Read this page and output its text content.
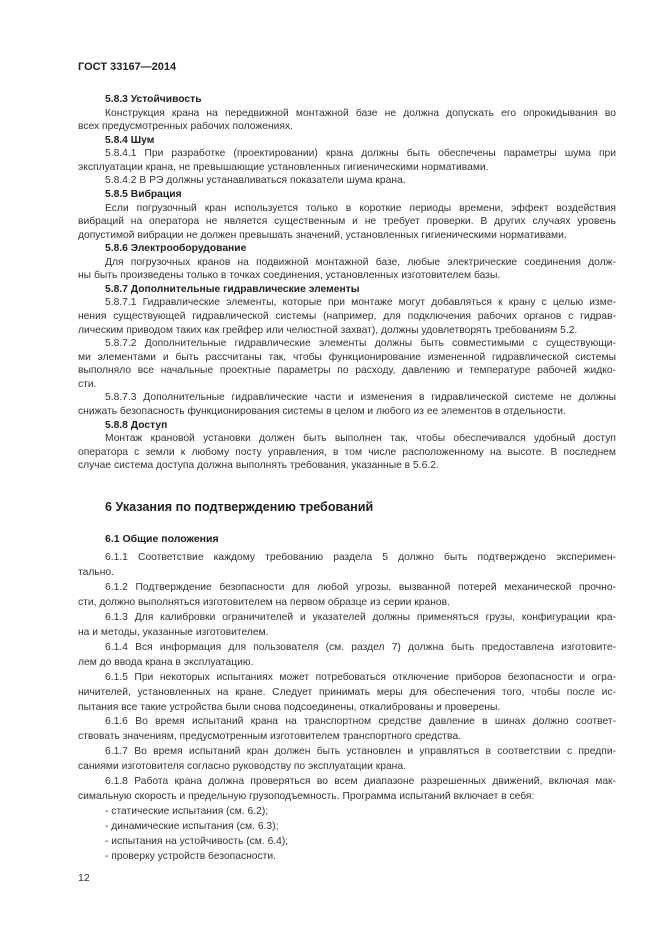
ГОСТ 33167—2014
5.8.3 Устойчивость
Конструкция крана на передвижной монтажной базе не должна допускать его опрокидывания во
всех предусмотренных рабочих положениях.
5.8.4 Шум
5.8.4.1 При разработке (проектировании) крана должны быть обеспечены параметры шума при
эксплуатации крана, не превышающие установленных гигиеническими нормативами.
5.8.4.2 В РЭ должны устанавливаться показатели шума крана.
5.8.5 Вибрация
Если погрузочный кран используется только в короткие периоды времени, эффект воздействия
вибраций на оператора не является существенным и не требует проверки. В других случаях уровень
допустимой вибрации не должен превышать значений, установленных гигиеническими нормативами.
5.8.6 Электрооборудование
Для погрузочных кранов на подвижной монтажной базе, любые электрические соединения долж-
ны быть произведены только в точках соединения, установленных изготовителем базы.
5.8.7 Дополнительные гидравлические элементы
5.8.7.1 Гидравлические элементы, которые при монтаже могут добавляться к крану с целью изме-
нения существующей гидравлической системы (например, для подключения рабочих органов с гидрав-
лическим приводом таких как грейфер или челюстной захват), должны удовлетворять требованиям 5.2.
5.8.7.2 Дополнительные гидравлические элементы должны быть совместимыми с существующи-
ми элементами и быть рассчитаны так, чтобы функционирование измененной гидравлической системы
выполняло все начальные проектные параметры по расходу, давлению и температуре рабочей жидко-
сти.
5.8.7.3 Дополнительные гидравлические части и изменения в гидравлической системе не должны
снижать безопасность функционирования системы в целом и любого из ее элементов в отдельности.
5.8.8 Доступ
Монтаж крановой установки должен быть выполнен так, чтобы обеспечивался удобный доступ
оператора с земли к любому посту управления, в том числе расположенному на высоте. В последнем
случае система доступа должна выполнять требования, указанные в 5.6.2.
6 Указания по подтверждению требований
6.1 Общие положения
6.1.1 Соответствие каждому требованию раздела 5 должно быть подтверждено эксперимен-
тально.
6.1.2 Подтверждение безопасности для любой угрозы, вызванной потерей механической прочно-
сти, должно выполняться изготовителем на первом образце из серии кранов.
6.1.3 Для калибровки ограничителей и указателей должны применяться грузы, конфигурации кра-
на и методы, указанные изготовителем.
6.1.4 Вся информация для пользователя (см. раздел 7) должна быть предоставлена изготовите-
лем до ввода крана в эксплуатацию.
6.1.5 При некоторых испытаниях может потребоваться отключение приборов безопасности и огра-
ничителей, установленных на кране. Следует принимать меры для обеспечения того, чтобы после ис-
пытания все такие устройства были снова подсоединены, откалиброваны и проверены.
6.1.6 Во время испытаний крана на транспортном средстве давление в шинах должно соответ-
ствовать значениям, предусмотренным изготовителем транспортного средства.
6.1.7 Во время испытаний кран должен быть установлен и управляться в соответствии с предпи-
саниями изготовителя согласно руководству по эксплуатации крана.
6.1.8 Работа крана должна проверяться во всем диапазоне разрешенных движений, включая мак-
симальную скорость и предельную грузоподъемность. Программа испытаний включает в себя:
- статические испытания (см. 6.2);
- динамические испытания (см. 6.3);
- испытания на устойчивость (см. 6.4);
- проверку устройств безопасности.
12
